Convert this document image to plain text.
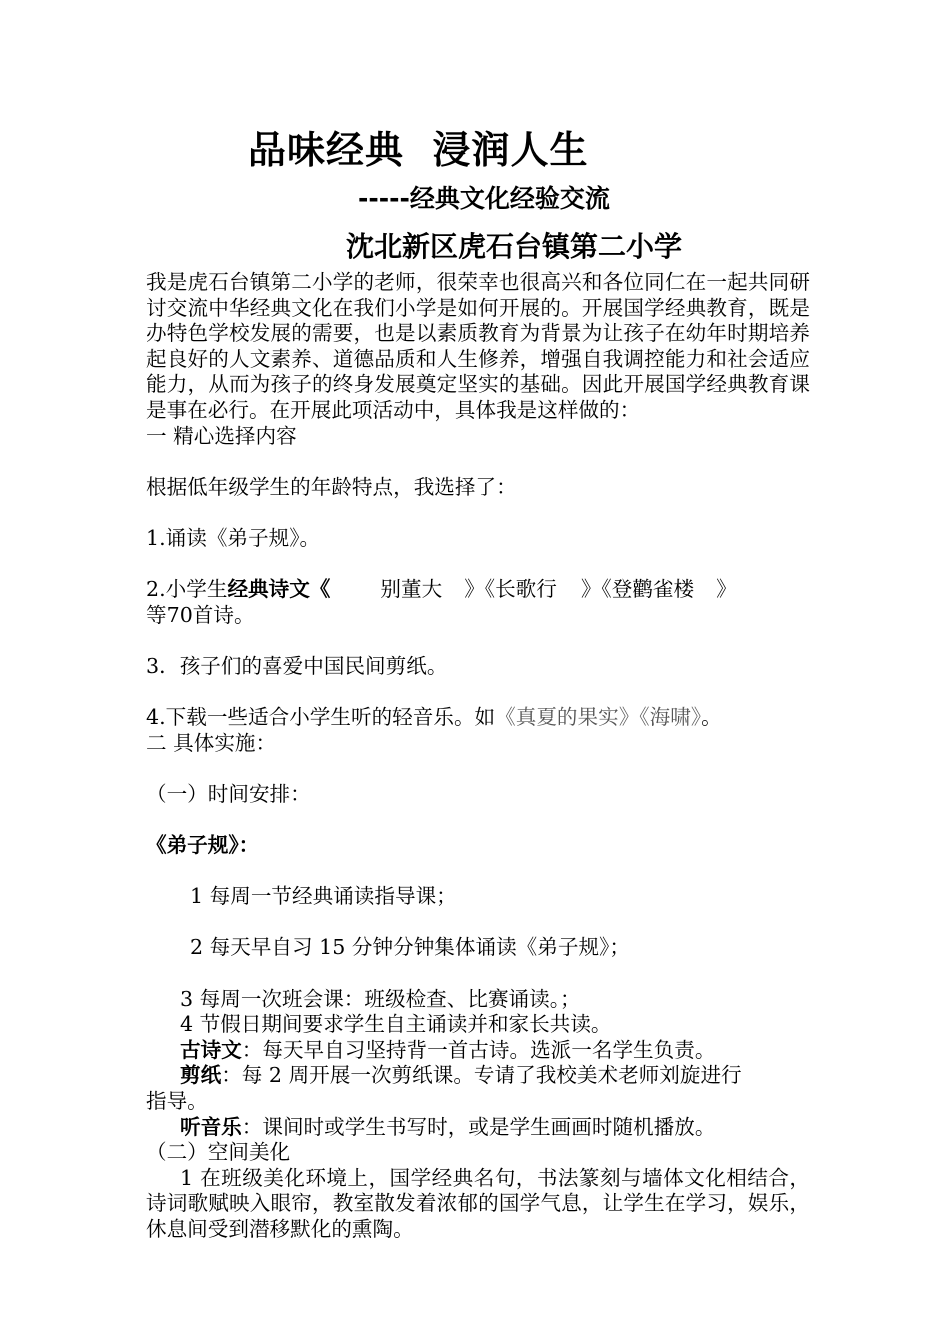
品味经典  浸润人生
-----经典文化经验交流
沈北新区虎石台镇第二小学
我是虎石台镇第二小学的老师，很荣幸也很高兴和各位同仁在一起共同研讨交流中华经典文化在我们小学是如何开展的。开展国学经典教育，既是办特色学校发展的需要，也是以素质教育为背景为让孩子在幼年时期培养起良好的人文素养、道德品质和人生修养，增强自我调控能力和社会适应能力，从而为孩子的终身发展奠定坚实的基础。因此开展国学经典教育课是事在必行。在开展此项活动中，具体我是这样做的：
一 精心选择内容
根据低年级学生的年龄特点，我选择了：
1.诵读《弟子规》。
2.小学生经典诗文《 别董大 》《长歌行 》《登鹳雀楼 》
等70首诗。
3．孩子们的喜爱中国民间剪纸。
4.下载一些适合小学生听的轻音乐。如《真夏的果实》《海啸》。
二 具体实施：
（一）时间安排：
《弟子规》：
1 每周一节经典诵读指导课；
2 每天早自习 15 分钟分钟集体诵读《弟子规》；
3 每周一次班会课：班级检查、比赛诵读。；
4 节假日期间要求学生自主诵读并和家长共读。
古诗文：每天早自习坚持背一首古诗。选派一名学生负责。
剪纸：每 2 周开展一次剪纸课。专请了我校美术老师刘旋进行
指导。
听音乐：课间时或学生书写时，或是学生画画时随机播放。
（二）空间美化
1 在班级美化环境上，国学经典名句，书法篆刻与墙体文化相结合，诗词歌赋映入眼帘，教室散发着浓郁的国学气息，让学生在学习，娱乐，休息间受到潜移默化的熏陶。
